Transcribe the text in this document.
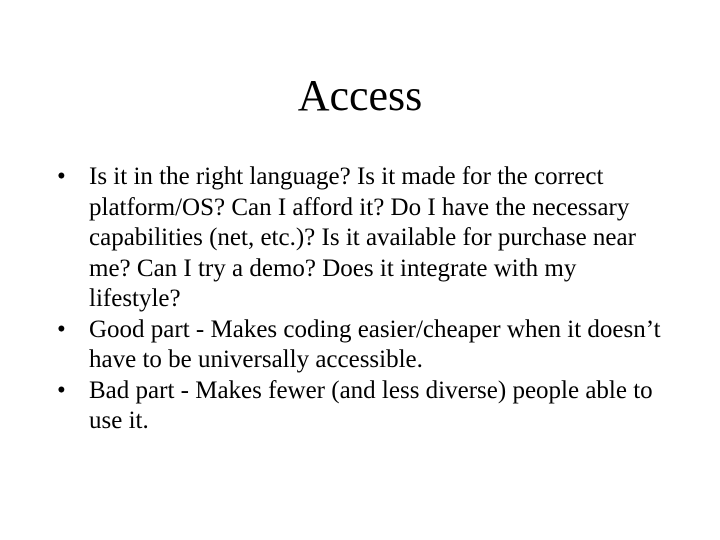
Access
• Is it in the right language? Is it made for the correct platform/OS? Can I afford it? Do I have the necessary capabilities (net, etc.)? Is it available for purchase near me? Can I try a demo? Does it integrate with my lifestyle?
• Good part - Makes coding easier/cheaper when it doesn’t have to be universally accessible.
• Bad part - Makes fewer (and less diverse) people able to use it.
